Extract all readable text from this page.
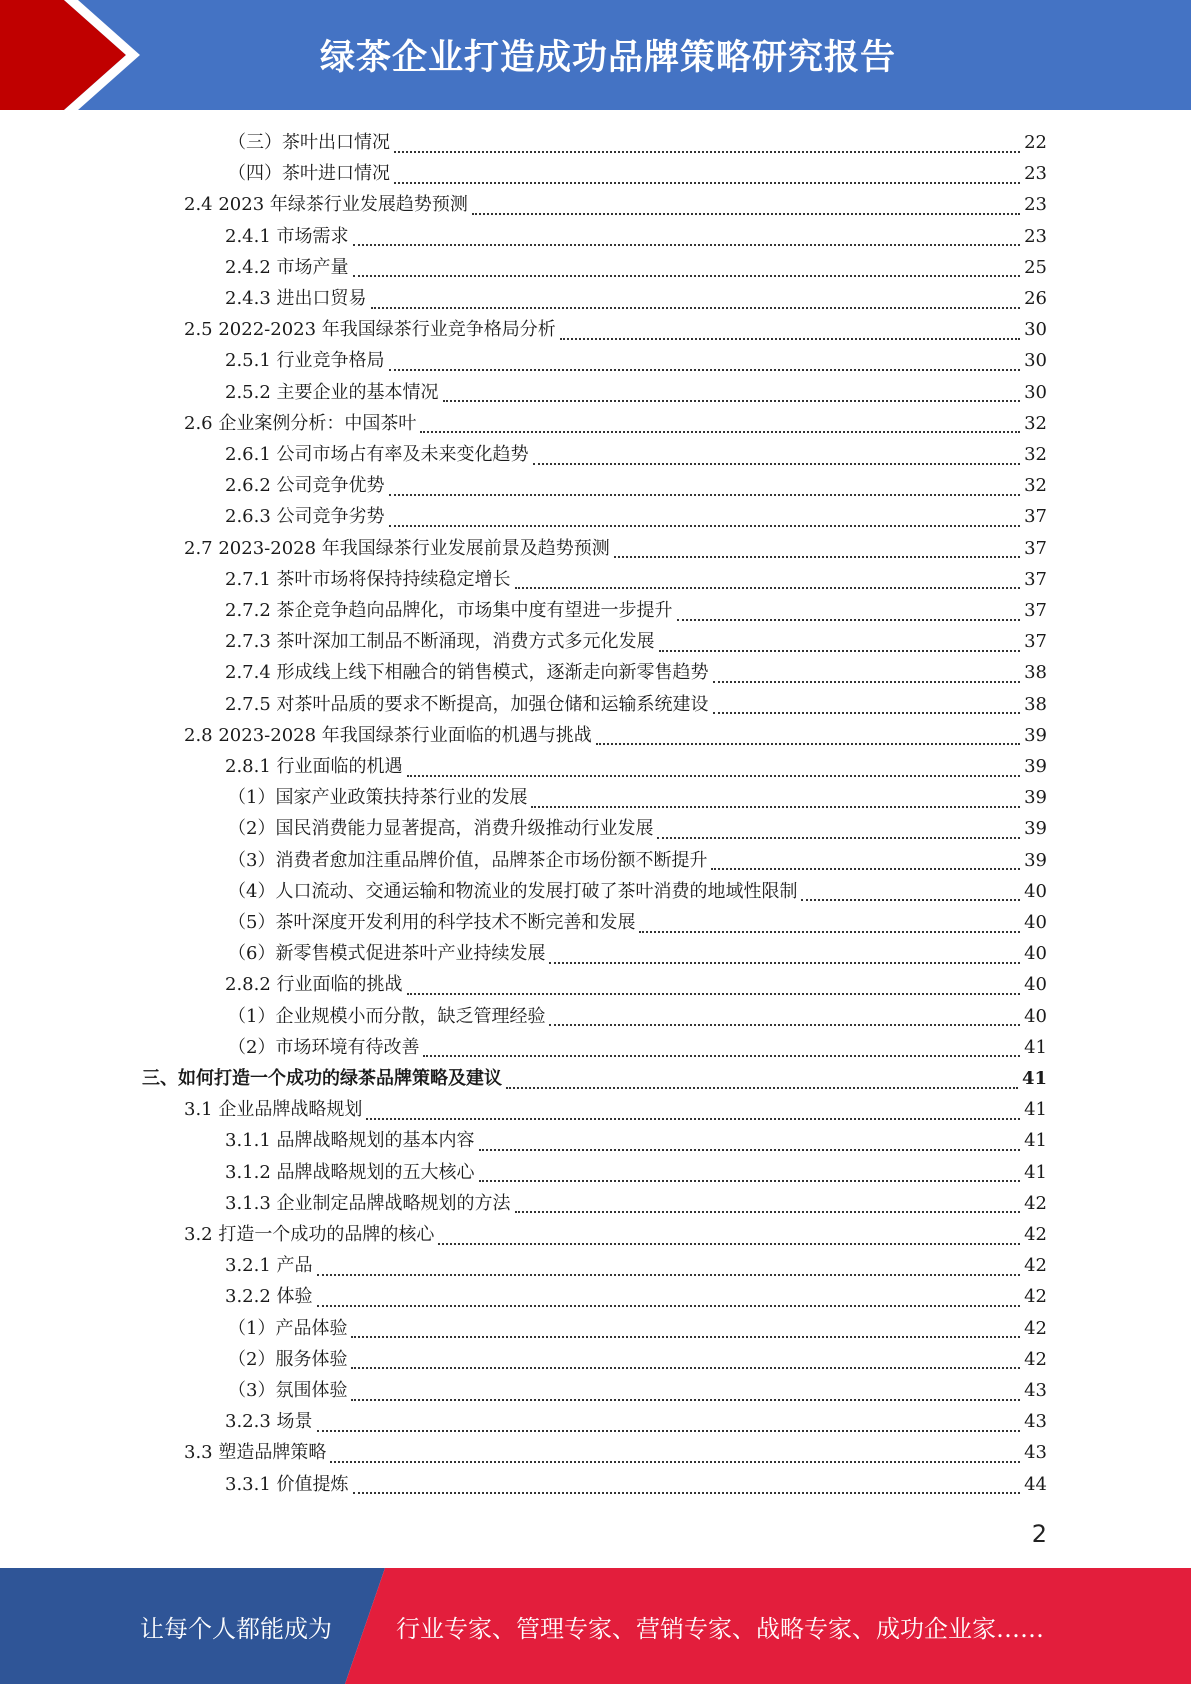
绿茶企业打造成功品牌策略研究报告
（三）茶叶出口情况	22
（四）茶叶进口情况	23
2.4 2023 年绿茶行业发展趋势预测	23
2.4.1 市场需求	23
2.4.2 市场产量	25
2.4.3 进出口贸易	26
2.5 2022-2023 年我国绿茶行业竞争格局分析	30
2.5.1 行业竞争格局	30
2.5.2 主要企业的基本情况	30
2.6 企业案例分析：中国茶叶	32
2.6.1 公司市场占有率及未来变化趋势	32
2.6.2 公司竞争优势	32
2.6.3 公司竞争劣势	37
2.7 2023-2028 年我国绿茶行业发展前景及趋势预测	37
2.7.1 茶叶市场将保持持续稳定增长	37
2.7.2 茶企竞争趋向品牌化，市场集中度有望进一步提升	37
2.7.3 茶叶深加工制品不断涌现，消费方式多元化发展	37
2.7.4 形成线上线下相融合的销售模式，逐渐走向新零售趋势	38
2.7.5 对茶叶品质的要求不断提高，加强仓储和运输系统建设	38
2.8 2023-2028 年我国绿茶行业面临的机遇与挑战	39
2.8.1 行业面临的机遇	39
（1）国家产业政策扶持茶行业的发展	39
（2）国民消费能力显著提高，消费升级推动行业发展	39
（3）消费者愈加注重品牌价值，品牌茶企市场份额不断提升	39
（4）人口流动、交通运输和物流业的发展打破了茶叶消费的地域性限制	40
（5）茶叶深度开发利用的科学技术不断完善和发展	40
（6）新零售模式促进茶叶产业持续发展	40
2.8.2 行业面临的挑战	40
（1）企业规模小而分散，缺乏管理经验	40
（2）市场环境有待改善	41
三、如何打造一个成功的绿茶品牌策略及建议	41
3.1 企业品牌战略规划	41
3.1.1 品牌战略规划的基本内容	41
3.1.2 品牌战略规划的五大核心	41
3.1.3 企业制定品牌战略规划的方法	42
3.2 打造一个成功的品牌的核心	42
3.2.1 产品	42
3.2.2 体验	42
（1）产品体验	42
（2）服务体验	42
（3）氛围体验	43
3.2.3 场景	43
3.3 塑造品牌策略	43
3.3.1 价值提炼	44
2
让每个人都能成为	行业专家、管理专家、营销专家、战略专家、成功企业家……
